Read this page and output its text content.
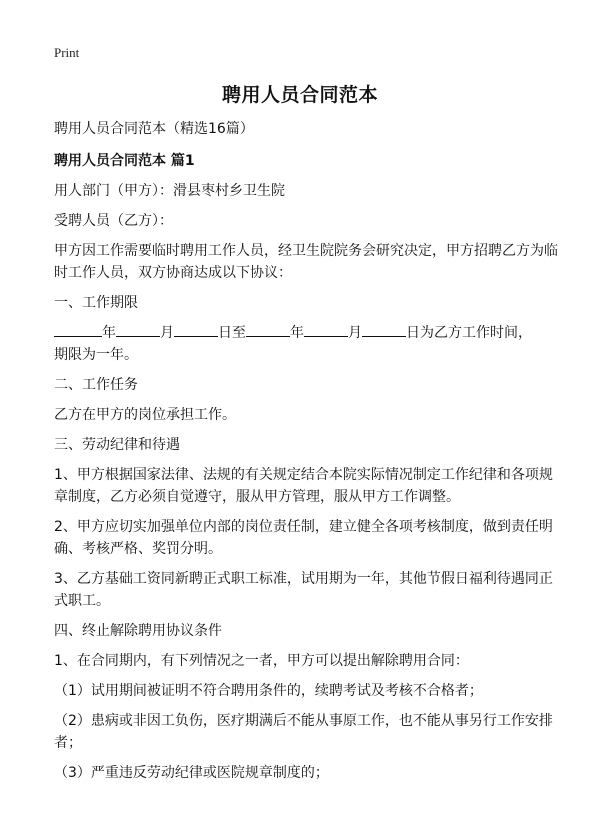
Print
聘用人员合同范本
聘用人员合同范本（精选16篇）
聘用人员合同范本 篇1
用人部门（甲方）：滑县枣村乡卫生院
受聘人员（乙方）：
甲方因工作需要临时聘用工作人员，经卫生院院务会研究决定，甲方招聘乙方为临
时工作人员，双方协商达成以下协议：
一、工作期限
年	月	日至	年	月	日为乙方工作时间，
期限为一年。
二、工作任务
乙方在甲方的岗位承担工作。
三、劳动纪律和待遇
1、甲方根据国家法律、法规的有关规定结合本院实际情况制定工作纪律和各项规
章制度，乙方必须自觉遵守，服从甲方管理，服从甲方工作调整。
2、甲方应切实加强单位内部的岗位责任制，建立健全各项考核制度，做到责任明
确、考核严格、奖罚分明。
3、乙方基础工资同新聘正式职工标准，试用期为一年，其他节假日福利待遇同正
式职工。
四、终止解除聘用协议条件
1、在合同期内，有下列情况之一者，甲方可以提出解除聘用合同：
（1）试用期间被证明不符合聘用条件的，续聘考试及考核不合格者；
（2）患病或非因工负伤，医疗期满后不能从事原工作，也不能从事另行工作安排
者；
（3）严重违反劳动纪律或医院规章制度的；
